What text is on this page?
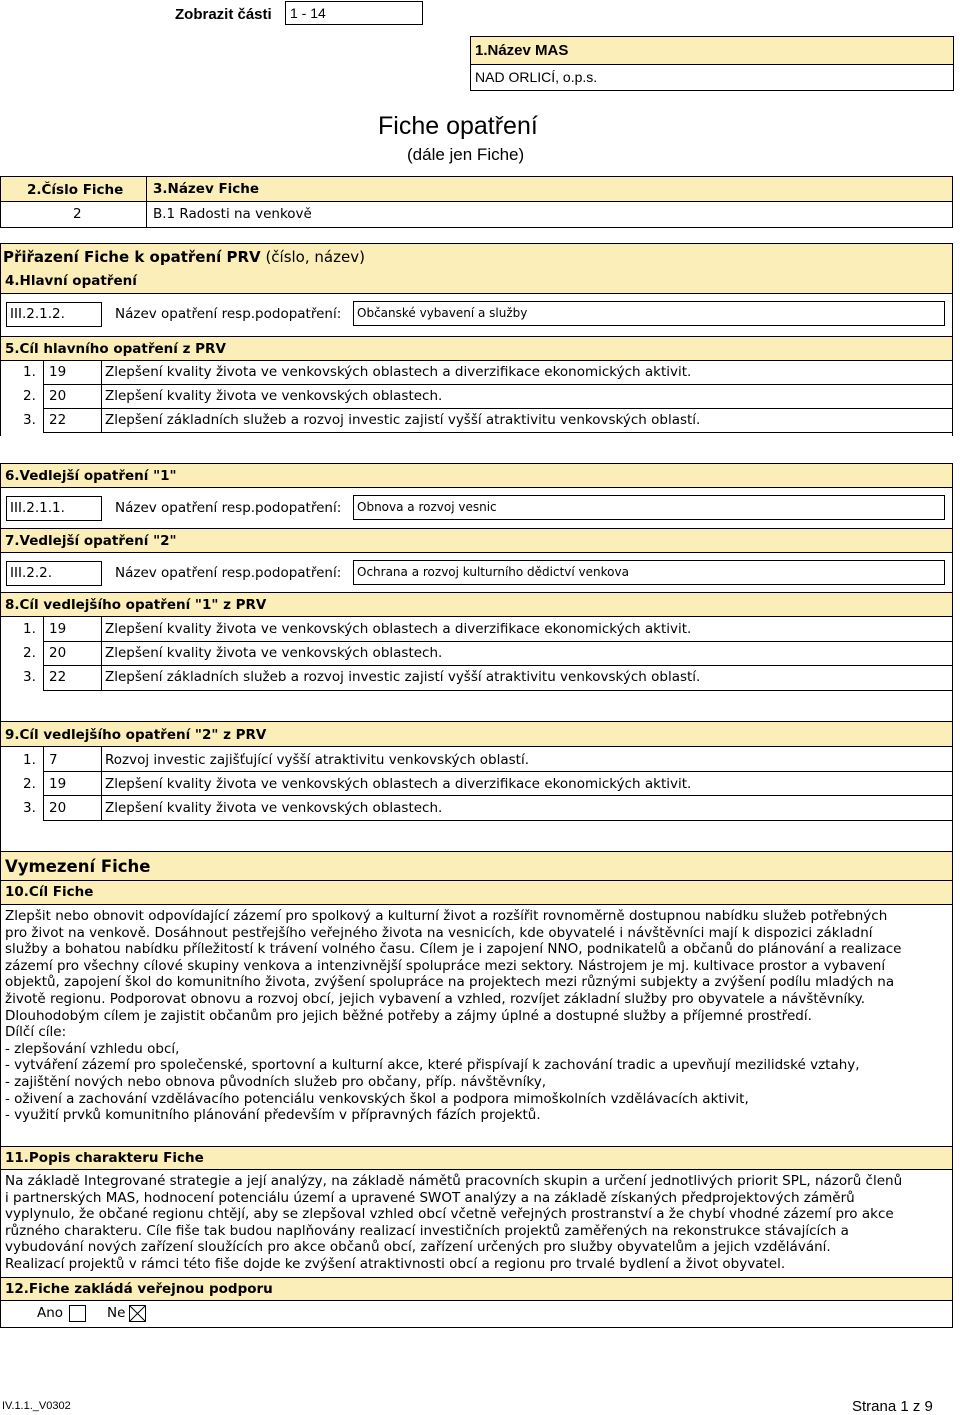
Zobrazit části	1 - 14
1.Název MAS
NAD ORLICÍ, o.p.s.
Fiche opatření
(dále jen Fiche)
2.Číslo Fiche 3.Název Fiche
2	B.1 Radosti na venkově
Přiřazení Fiche k opatření PRV (číslo, název)
4.Hlavní opatření
III.2.1.2.	Název opatření resp.podopatření:	Občanské vybavení a služby
5.Cíl hlavního opatření z PRV
1. 19	Zlepšení kvality života ve venkovských oblastech a diverzifikace ekonomických aktivit.
2. 20	Zlepšení kvality života ve venkovských oblastech.
3. 22	Zlepšení základních služeb a rozvoj investic zajistí vyšší atraktivitu venkovských oblastí.
6.Vedlejší opatření "1"
III.2.1.1.	Název opatření resp.podopatření:	Obnova a rozvoj vesnic
7.Vedlejší opatření "2"
III.2.2.	Název opatření resp.podopatření:	Ochrana a rozvoj kulturního dědictví venkova
8.Cíl vedlejšího opatření "1" z PRV
1. 19	Zlepšení kvality života ve venkovských oblastech a diverzifikace ekonomických aktivit.
2. 20	Zlepšení kvality života ve venkovských oblastech.
3. 22	Zlepšení základních služeb a rozvoj investic zajistí vyšší atraktivitu venkovských oblastí.
9.Cíl vedlejšího opatření "2" z PRV
1. 7	Rozvoj investic zajišťující vyšší atraktivitu venkovských oblastí.
2. 19	Zlepšení kvality života ve venkovských oblastech a diverzifikace ekonomických aktivit.
3. 20	Zlepšení kvality života ve venkovských oblastech.
Vymezení Fiche
10.Cíl Fiche
Zlepšit nebo obnovit odpovídající zázemí pro spolkový a kulturní život a rozšířit rovnoměrně dostupnou nabídku služeb potřebných
pro život na venkově. Dosáhnout pestřejšího veřejného života na vesnicích, kde obyvatelé i návštěvníci mají k dispozici základní
služby a bohatou nabídku příležitostí k trávení volného času. Cílem je i zapojení NNO, podnikatelů a občanů do plánování a realizace
zázemí pro všechny cílové skupiny venkova a intenzivnější spolupráce mezi sektory. Nástrojem je mj. kultivace prostor a vybavení
objektů, zapojení škol do komunitního života, zvýšení spolupráce na projektech mezi různými subjekty a zvýšení podílu mladých na
životě regionu. Podporovat obnovu a rozvoj obcí, jejich vybavení a vzhled, rozvíjet základní služby pro obyvatele a návštěvníky.
Dlouhodobým cílem je zajistit občanům pro jejich běžné potřeby a zájmy úplné a dostupné služby a příjemné prostředí.
Dílčí cíle:
- zlepšování vzhledu obcí,
- vytváření zázemí pro společenské, sportovní a kulturní akce, které přispívají k zachování tradic a upevňují mezilidské vztahy,
- zajištění nových nebo obnova původních služeb pro občany, příp. návštěvníky,
- oživení a zachování vzdělávacího potenciálu venkovských škol a podpora mimoškolních vzdělávacích aktivit,
- využití prvků komunitního plánování především v přípravných fázích projektů.
11.Popis charakteru Fiche
Na základě Integrované strategie a její analýzy, na základě námětů pracovních skupin a určení jednotlivých priorit SPL, názorů členů
i partnerských MAS, hodnocení potenciálu území a upravené SWOT analýzy a na základě získaných předprojektových záměrů
vyplynulo, že občané regionu chtějí, aby se zlepšoval vzhled obcí včetně veřejných prostranství a že chybí vhodné zázemí pro akce
různého charakteru. Cíle fiše tak budou naplňovány realizací investičních projektů zaměřených na rekonstrukce stávajících a
vybudování nových zařízení sloužících pro akce občanů obcí, zařízení určených pro služby obyvatelům a jejich vzdělávání.
Realizací projektů v rámci této fiše dojde ke zvýšení atraktivnosti obcí a regionu pro trvalé bydlení a život obyvatel.
12.Fiche zakládá veřejnou podporu
Ano	Ne
IV.1.1._V0302	Strana 1 z 9
